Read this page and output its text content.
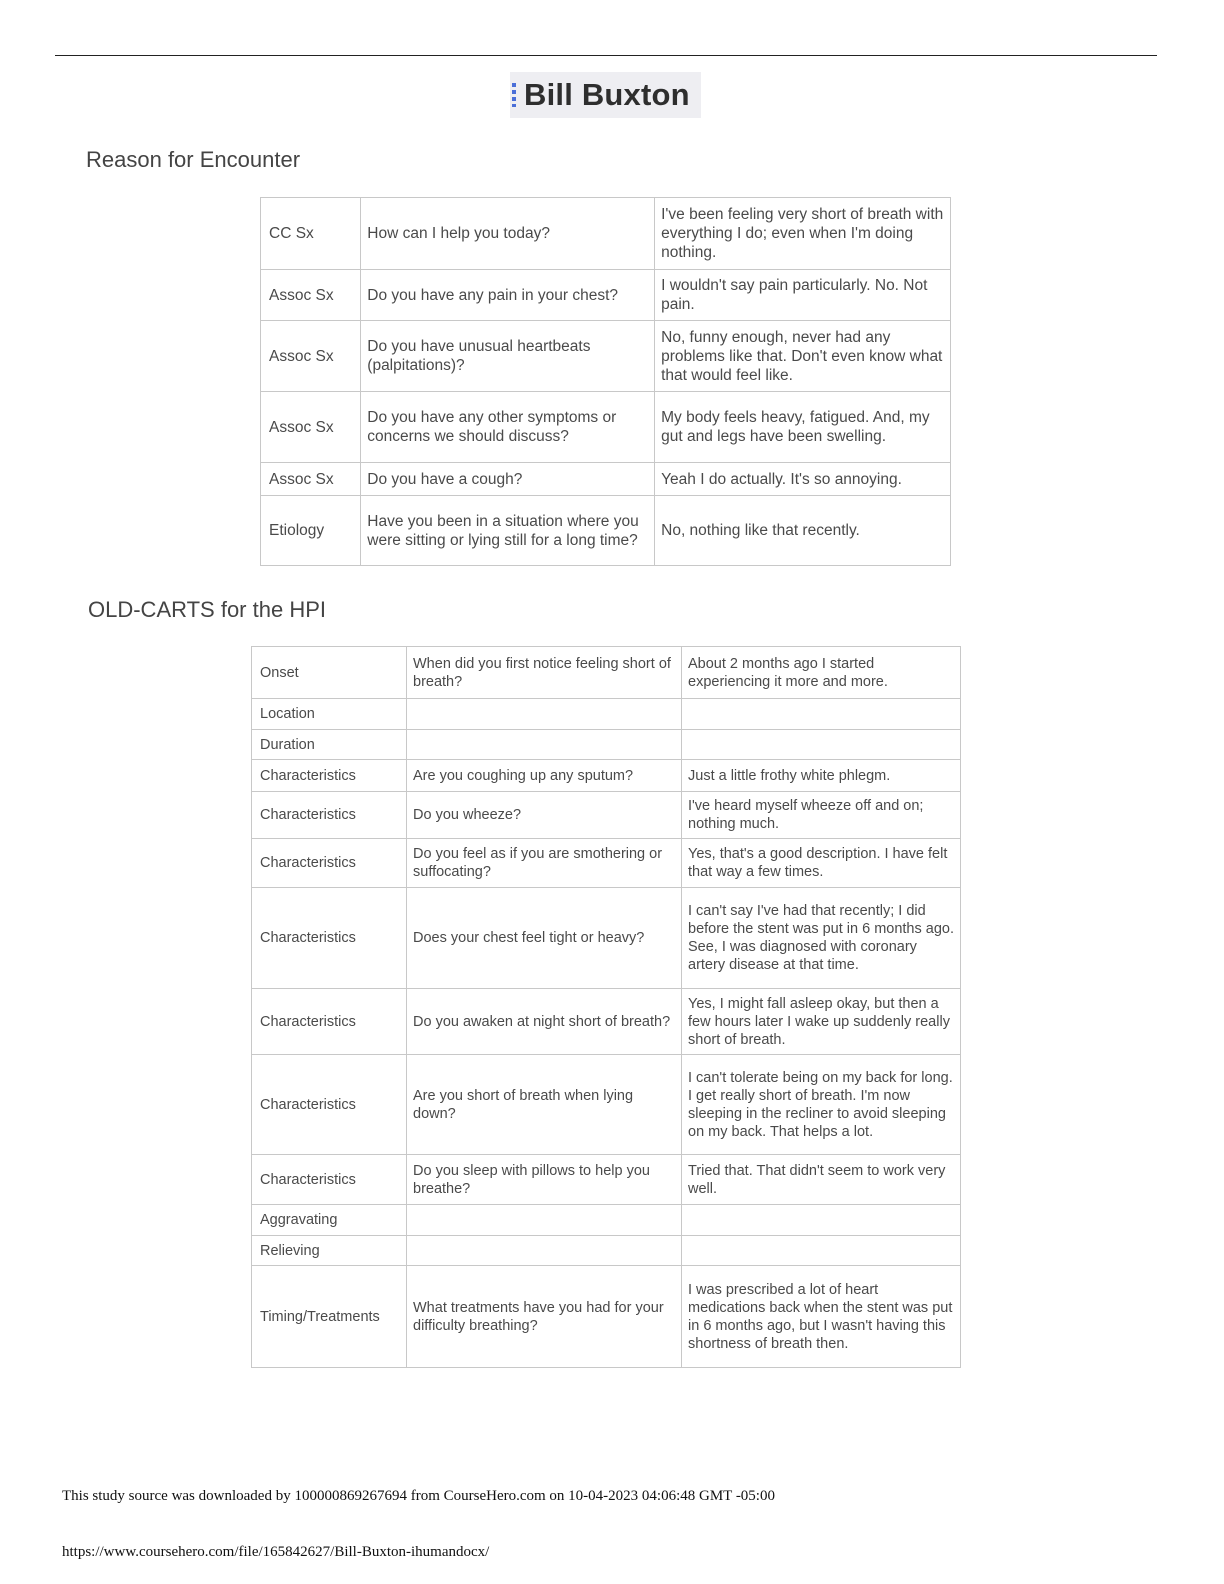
Bill Buxton
Reason for Encounter
CC Sx	How can I help you today?	I've been feeling very short of breath with everything I do; even when I'm doing nothing.
Assoc Sx	Do you have any pain in your chest?	I wouldn't say pain particularly. No. Not pain.
Assoc Sx	Do you have unusual heartbeats (palpitations)?	No, funny enough, never had any problems like that. Don't even know what that would feel like.
Assoc Sx	Do you have any other symptoms or concerns we should discuss?	My body feels heavy, fatigued. And, my gut and legs have been swelling.
Assoc Sx	Do you have a cough?	Yeah I do actually. It's so annoying.
Etiology	Have you been in a situation where you were sitting or lying still for a long time?	No, nothing like that recently.
OLD-CARTS for the HPI
Onset	When did you first notice feeling short of breath?	About 2 months ago I started experiencing it more and more.
Location		
Duration		
Characteristics	Are you coughing up any sputum?	Just a little frothy white phlegm.
Characteristics	Do you wheeze?	I've heard myself wheeze off and on; nothing much.
Characteristics	Do you feel as if you are smothering or suffocating?	Yes, that's a good description. I have felt that way a few times.
Characteristics	Does your chest feel tight or heavy?	I can't say I've had that recently; I did before the stent was put in 6 months ago. See, I was diagnosed with coronary artery disease at that time.
Characteristics	Do you awaken at night short of breath?	Yes, I might fall asleep okay, but then a few hours later I wake up suddenly really short of breath.
Characteristics	Are you short of breath when lying down?	I can't tolerate being on my back for long. I get really short of breath. I'm now sleeping in the recliner to avoid sleeping on my back. That helps a lot.
Characteristics	Do you sleep with pillows to help you breathe?	Tried that. That didn't seem to work very well.
Aggravating		
Relieving		
Timing/Treatments	What treatments have you had for your difficulty breathing?	I was prescribed a lot of heart medications back when the stent was put in 6 months ago, but I wasn't having this shortness of breath then.
This study source was downloaded by 100000869267694 from CourseHero.com on 10-04-2023 04:06:48 GMT -05:00
https://www.coursehero.com/file/165842627/Bill-Buxton-ihumandocx/
